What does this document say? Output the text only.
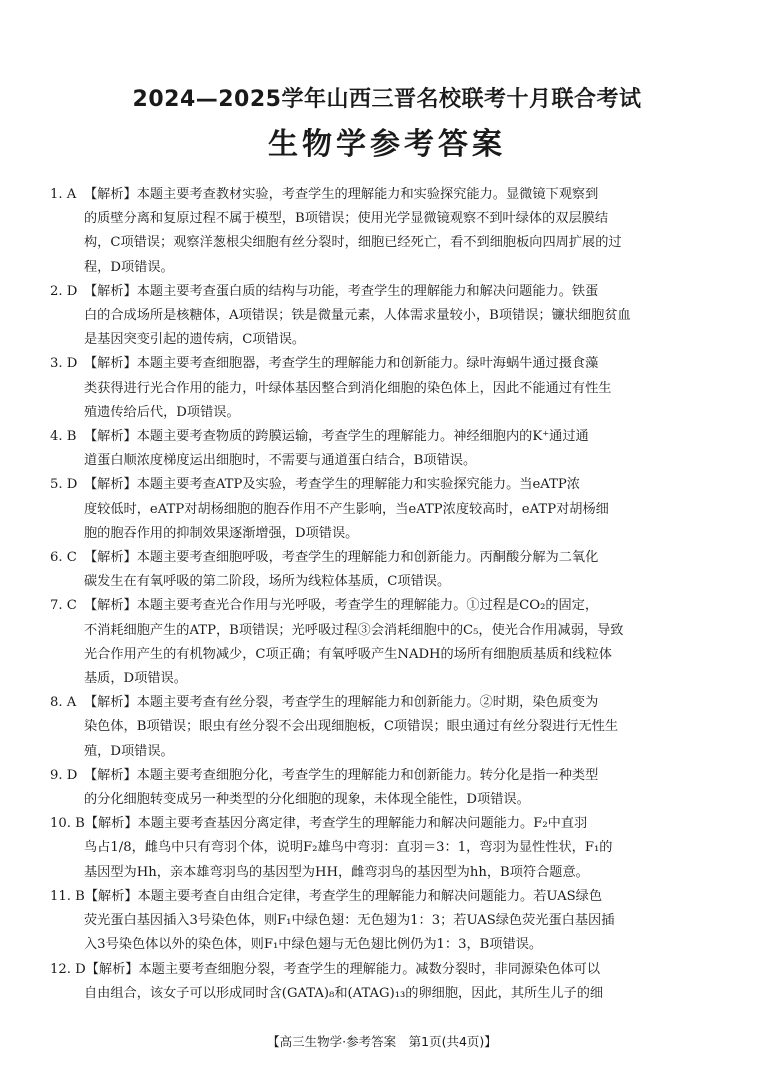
2024—2025学年山西三晋名校联考十月联合考试
生物学参考答案
1. A 【解析】本题主要考查教材实验，考查学生的理解能力和实验探究能力。显微镜下观察到
的质壁分离和复原过程不属于模型，B项错误；使用光学显微镜观察不到叶绿体的双层膜结
构，C项错误；观察洋葱根尖细胞有丝分裂时，细胞已经死亡，看不到细胞板向四周扩展的过
程，D项错误。
2. D 【解析】本题主要考查蛋白质的结构与功能，考查学生的理解能力和解决问题能力。铁蛋
白的合成场所是核糖体，A项错误；铁是微量元素，人体需求量较小，B项错误；镰状细胞贫血
是基因突变引起的遗传病，C项错误。
3. D 【解析】本题主要考查细胞器，考查学生的理解能力和创新能力。绿叶海蜗牛通过摄食藻
类获得进行光合作用的能力，叶绿体基因整合到消化细胞的染色体上，因此不能通过有性生
殖遗传给后代，D项错误。
4. B 【解析】本题主要考查物质的跨膜运输，考查学生的理解能力。神经细胞内的K⁺通过通
道蛋白顺浓度梯度运出细胞时，不需要与通道蛋白结合，B项错误。
5. D 【解析】本题主要考查ATP及实验，考查学生的理解能力和实验探究能力。当eATP浓
度较低时，eATP对胡杨细胞的胞吞作用不产生影响，当eATP浓度较高时，eATP对胡杨细
胞的胞吞作用的抑制效果逐渐增强，D项错误。
6. C 【解析】本题主要考查细胞呼吸，考查学生的理解能力和创新能力。丙酮酸分解为二氧化
碳发生在有氧呼吸的第二阶段，场所为线粒体基质，C项错误。
7. C 【解析】本题主要考查光合作用与光呼吸，考查学生的理解能力。①过程是CO₂的固定，
不消耗细胞产生的ATP，B项错误；光呼吸过程③会消耗细胞中的C₅，使光合作用减弱，导致
光合作用产生的有机物减少，C项正确；有氧呼吸产生NADH的场所有细胞质基质和线粒体
基质，D项错误。
8. A 【解析】本题主要考查有丝分裂，考查学生的理解能力和创新能力。②时期，染色质变为
染色体，B项错误；眼虫有丝分裂不会出现细胞板，C项错误；眼虫通过有丝分裂进行无性生
殖，D项错误。
9. D 【解析】本题主要考查细胞分化，考查学生的理解能力和创新能力。转分化是指一种类型
的分化细胞转变成另一种类型的分化细胞的现象，未体现全能性，D项错误。
10. B【解析】本题主要考查基因分离定律，考查学生的理解能力和解决问题能力。F₂中直羽
鸟占1/8，雌鸟中只有弯羽个体，说明F₂雄鸟中弯羽：直羽＝3：1，弯羽为显性性状，F₁的
基因型为Hh，亲本雄弯羽鸟的基因型为HH，雌弯羽鸟的基因型为hh，B项符合题意。
11. B【解析】本题主要考查自由组合定律，考查学生的理解能力和解决问题能力。若UAS绿色
荧光蛋白基因插入3号染色体，则F₁中绿色翅：无色翅为1：3；若UAS绿色荧光蛋白基因插
入3号染色体以外的染色体，则F₁中绿色翅与无色翅比例仍为1：3，B项错误。
12. D【解析】本题主要考查细胞分裂，考查学生的理解能力。减数分裂时，非同源染色体可以
自由组合，该女子可以形成同时含(GATA)₈和(ATAG)₁₃的卵细胞，因此，其所生儿子的细
【高三生物学·参考答案　第1页(共4页)】
